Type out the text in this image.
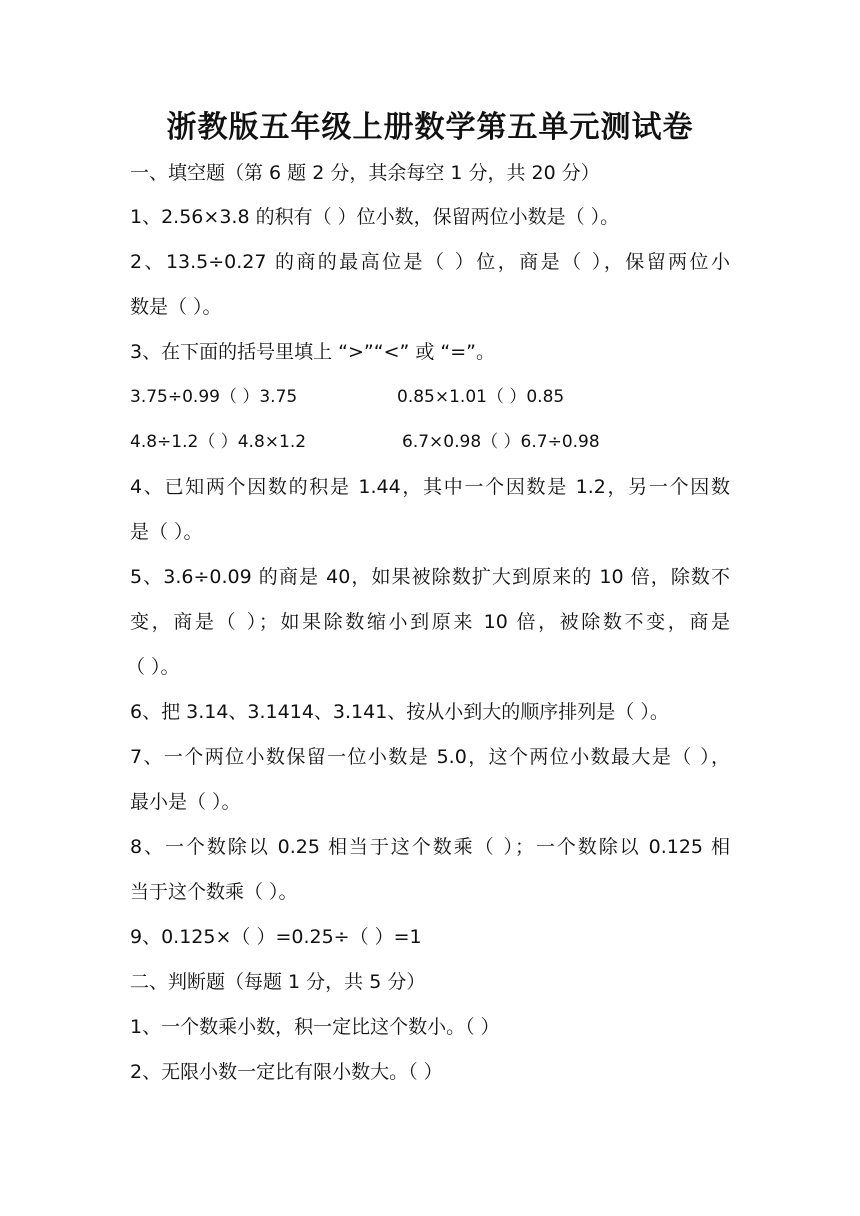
浙教版五年级上册数学第五单元测试卷
一、填空题（第 6 题 2 分，其余每空 1 分，共 20 分）
1、2.56×3.8 的积有（ ）位小数，保留两位小数是（ ）。
2、13.5÷0.27 的商的最高位是（ ）位，商是（ ），保留两位小
数是（ ）。
3、在下面的括号里填上 “>”“<” 或 “=”。
3.75÷0.99（ ）3.75	0.85×1.01（ ）0.85
4.8÷1.2（ ）4.8×1.2	6.7×0.98（ ）6.7÷0.98
4、已知两个因数的积是 1.44，其中一个因数是 1.2，另一个因数
是（ ）。
5、3.6÷0.09 的商是 40，如果被除数扩大到原来的 10 倍，除数不
变，商是（ ）；如果除数缩小到原来 10 倍，被除数不变，商是
（ ）。
6、把 3.14、3.1414、3.141、按从小到大的顺序排列是（ ）。
7、一个两位小数保留一位小数是 5.0，这个两位小数最大是（ ），
最小是（ ）。
8、一个数除以 0.25 相当于这个数乘（ ）；一个数除以 0.125 相
当于这个数乘（ ）。
9、0.125×（ ）=0.25÷（ ）=1
二、判断题（每题 1 分，共 5 分）
1、一个数乘小数，积一定比这个数小。（ ）
2、无限小数一定比有限小数大。（ ）
